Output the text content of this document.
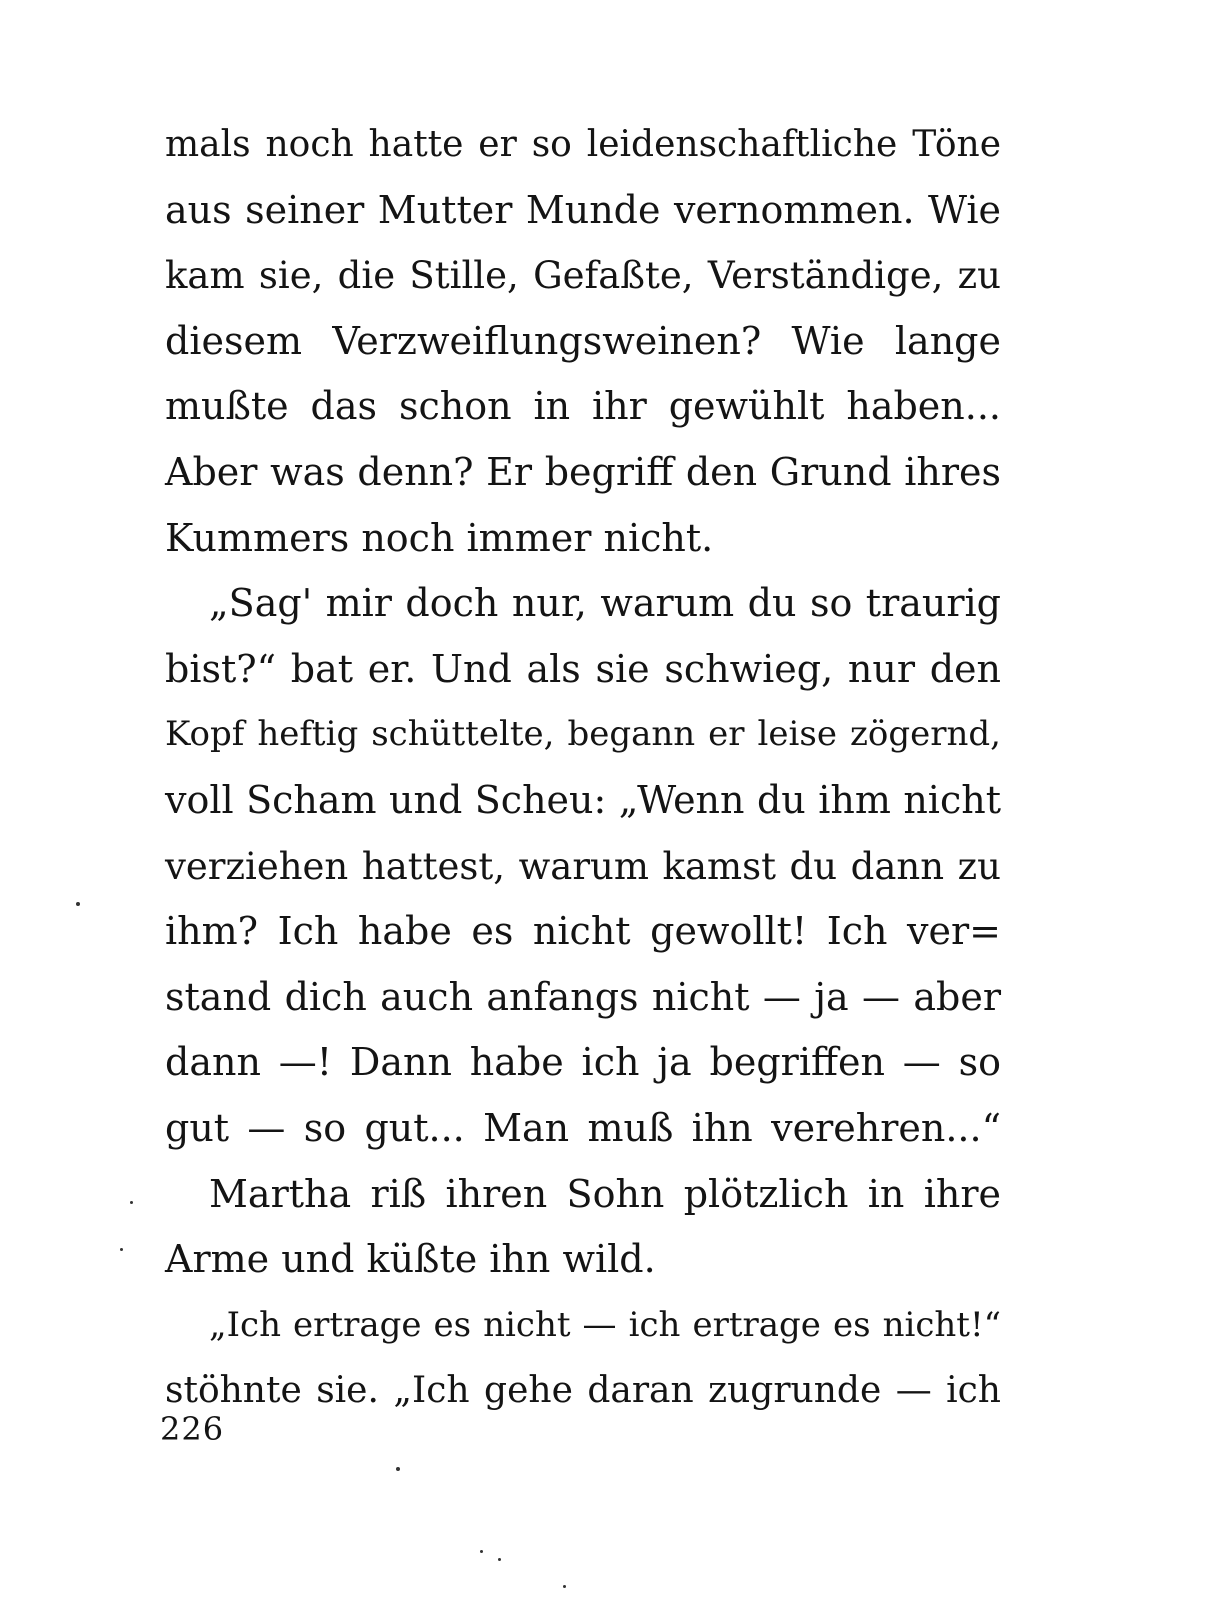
mals noch hatte er so leidenschaftliche Töne
aus seiner Mutter Munde vernommen. Wie
kam sie, die Stille, Gefaßte, Verständige, zu
diesem Verzweiflungsweinen? Wie lange
mußte das schon in ihr gewühlt haben...
Aber was denn? Er begriff den Grund ihres
Kummers noch immer nicht.
„Sag' mir doch nur, warum du so traurig
bist?“ bat er. Und als sie schwieg, nur den
Kopf heftig schüttelte, begann er leise zögernd,
voll Scham und Scheu: „Wenn du ihm nicht
verziehen hattest, warum kamst du dann zu
ihm? Ich habe es nicht gewollt! Ich ver=
stand dich auch anfangs nicht — ja — aber
dann —! Dann habe ich ja begriffen — so
gut — so gut... Man muß ihn verehren...“
Martha riß ihren Sohn plötzlich in ihre
Arme und küßte ihn wild.
„Ich ertrage es nicht — ich ertrage es nicht!“
stöhnte sie. „Ich gehe daran zugrunde — ich
226
